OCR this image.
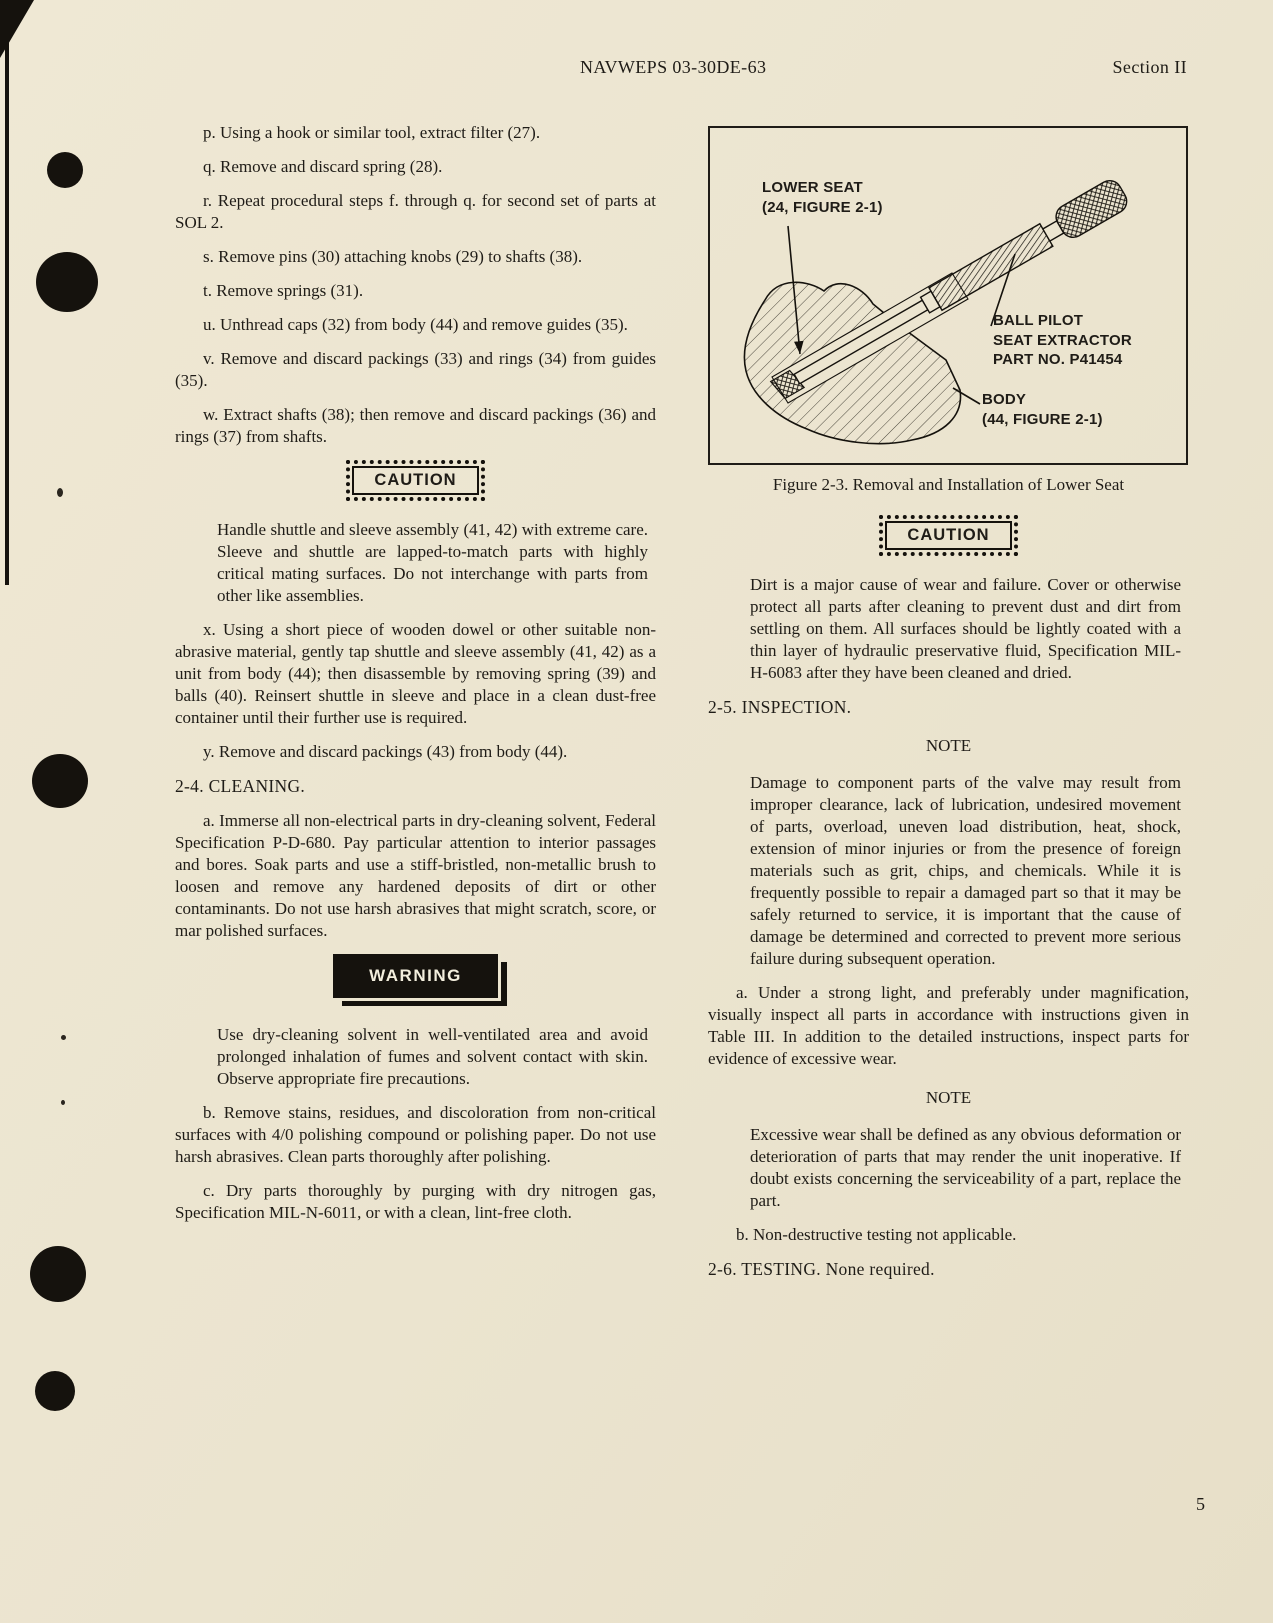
NAVWEPS 03-30DE-63	Section II

p. Using a hook or similar tool, extract filter (27).

q. Remove and discard spring (28).

r. Repeat procedural steps f. through q. for second set of parts at SOL 2.

s. Remove pins (30) attaching knobs (29) to shafts (38).

t. Remove springs (31).

u. Unthread caps (32) from body (44) and remove guides (35).

v. Remove and discard packings (33) and rings (34) from guides (35).

w. Extract shafts (38); then remove and discard packings (36) and rings (37) from shafts.

CAUTION

Handle shuttle and sleeve assembly (41, 42) with extreme care. Sleeve and shuttle are lapped-to-match parts with highly critical mating surfaces. Do not interchange with parts from other like assemblies.

x. Using a short piece of wooden dowel or other suitable non-abrasive material, gently tap shuttle and sleeve assembly (41, 42) as a unit from body (44); then disassemble by removing spring (39) and balls (40). Reinsert shuttle in sleeve and place in a clean dust-free container until their further use is required.

y. Remove and discard packings (43) from body (44).

2-4. CLEANING.

a. Immerse all non-electrical parts in dry-cleaning solvent, Federal Specification P-D-680. Pay particular attention to interior passages and bores. Soak parts and use a stiff-bristled, non-metallic brush to loosen and remove any hardened deposits of dirt or other contaminants. Do not use harsh abrasives that might scratch, score, or mar polished surfaces.

WARNING

Use dry-cleaning solvent in well-ventilated area and avoid prolonged inhalation of fumes and solvent contact with skin. Observe appropriate fire precautions.

b. Remove stains, residues, and discoloration from non-critical surfaces with 4/0 polishing compound or polishing paper. Do not use harsh abrasives. Clean parts thoroughly after polishing.

c. Dry parts thoroughly by purging with dry nitrogen gas, Specification MIL-N-6011, or with a clean, lint-free cloth.

LOWER SEAT
(24, FIGURE 2-1)
BALL PILOT
SEAT EXTRACTOR
PART NO. P41454
BODY
(44, FIGURE 2-1)

Figure 2-3. Removal and Installation of Lower Seat

CAUTION

Dirt is a major cause of wear and failure. Cover or otherwise protect all parts after cleaning to prevent dust and dirt from settling on them. All surfaces should be lightly coated with a thin layer of hydraulic preservative fluid, Specification MIL-H-6083 after they have been cleaned and dried.

2-5. INSPECTION.

NOTE

Damage to component parts of the valve may result from improper clearance, lack of lubrication, undesired movement of parts, overload, uneven load distribution, heat, shock, extension of minor injuries or from the presence of foreign materials such as grit, chips, and chemicals. While it is frequently possible to repair a damaged part so that it may be safely returned to service, it is important that the cause of damage be determined and corrected to prevent more serious failure during subsequent operation.

a. Under a strong light, and preferably under magnification, visually inspect all parts in accordance with instructions given in Table III. In addition to the detailed instructions, inspect parts for evidence of excessive wear.

NOTE

Excessive wear shall be defined as any obvious deformation or deterioration of parts that may render the unit inoperative. If doubt exists concerning the serviceability of a part, replace the part.

b. Non-destructive testing not applicable.

2-6. TESTING. None required.

5
